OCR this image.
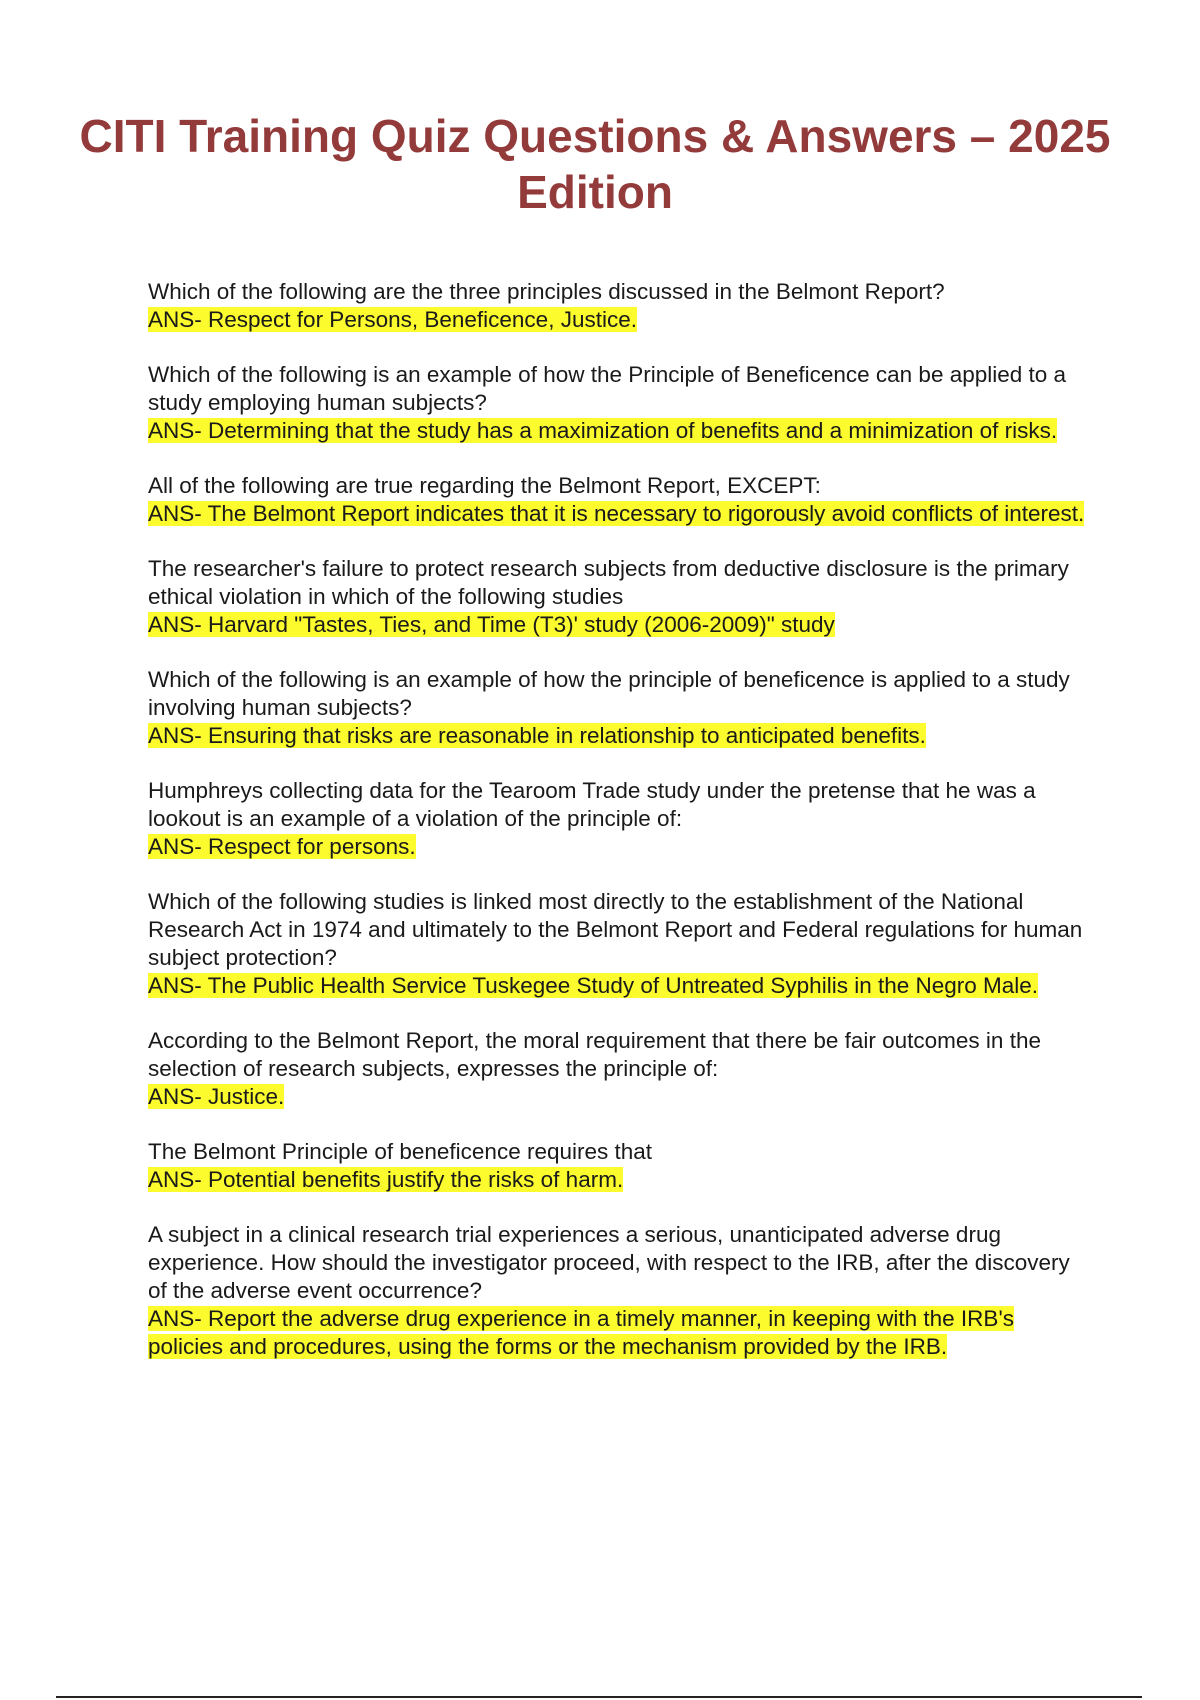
CITI Training Quiz Questions & Answers – 2025 Edition
Which of the following are the three principles discussed in the Belmont Report?
ANS- Respect for Persons, Beneficence, Justice.
Which of the following is an example of how the Principle of Beneficence can be applied to a study employing human subjects?
ANS- Determining that the study has a maximization of benefits and a minimization of risks.
All of the following are true regarding the Belmont Report, EXCEPT:
ANS- The Belmont Report indicates that it is necessary to rigorously avoid conflicts of interest.
The researcher's failure to protect research subjects from deductive disclosure is the primary ethical violation in which of the following studies
ANS- Harvard "Tastes, Ties, and Time (T3)' study (2006-2009)" study
Which of the following is an example of how the principle of beneficence is applied to a study involving human subjects?
ANS- Ensuring that risks are reasonable in relationship to anticipated benefits.
Humphreys collecting data for the Tearoom Trade study under the pretense that he was a lookout is an example of a violation of the principle of:
ANS- Respect for persons.
Which of the following studies is linked most directly to the establishment of the National Research Act in 1974 and ultimately to the Belmont Report and Federal regulations for human subject protection?
ANS- The Public Health Service Tuskegee Study of Untreated Syphilis in the Negro Male.
According to the Belmont Report, the moral requirement that there be fair outcomes in the selection of research subjects, expresses the principle of:
ANS- Justice.
The Belmont Principle of beneficence requires that
ANS- Potential benefits justify the risks of harm.
A subject in a clinical research trial experiences a serious, unanticipated adverse drug experience. How should the investigator proceed, with respect to the IRB, after the discovery of the adverse event occurrence?
ANS- Report the adverse drug experience in a timely manner, in keeping with the IRB's policies and procedures, using the forms or the mechanism provided by the IRB.
